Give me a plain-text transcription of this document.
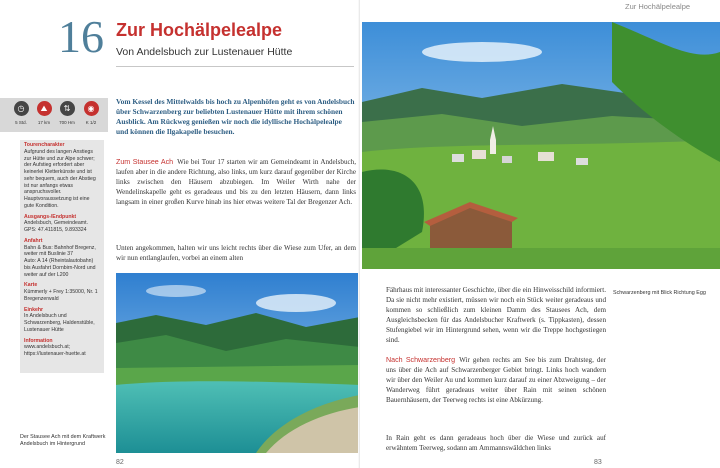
16 Zur Hochälpelealpe
Von Andelsbuch zur Lustenauer Hütte
◷
5 Std.
⛰
17 km
⇅
700 Hm
◉
K 1/2
Tourencharakter
Aufgrund des langen Anstiegs zur Hütte und zur Alpe schwer; der Aufstieg erfordert aber keinerlei Kletterkünste und ist sehr bequem, auch der Abstieg ist nur anfangs etwas anspruchsvoller. Hauptvoraussetzung ist eine gute Kondition.
Ausgangs-/Endpunkt
Andelsbuch, Gemeindeamt.
GPS: 47.411815, 9.893324
Anfahrt
Bahn & Bus: Bahnhof Bregenz, weiter mit Buslinie 37
Auto: A 14 (Rheintalautobahn) bis Ausfahrt Dornbirn-Nord und weiter auf der L200
Karte
Kümmerly + Frey 1:35000, Nr. 1 Bregenzerwald
Einkehr
In Andelsbuch und Schwarzenberg, Haldenstüble, Lustenauer Hütte
Information
www.andelsbuch.at;
https://lustenauer-huette.at
Vom Kessel des Mittelwalds bis hoch zu Alpenhöfen geht es von Andelsbuch über Schwarzenberg zur beliebten Lustenauer Hütte mit ihrem schönen Ausblick. Am Rückweg genießen wir noch die idyllische Hochälpelealpe und können die Ilgakapelle besuchen.
Zum Stausee Ach Wie bei Tour 17 starten wir am Gemeindeamt in Andelsbuch, laufen aber in die andere Richtung, also links, um kurz darauf gegenüber der Kirche links zwischen den Häusern abzubiegen. Im Weiler Wirth nahe der Wendelinskapelle geht es geradeaus und bis zu den letzten Häusern, dann links langsam in einer großen Kurve hinab ins hier etwas weitere Tal der Bregenzer Ach.
Unten angekommen, halten wir uns leicht rechts über die Wiese zum Ufer, an dem wir nun entlanglaufen, vorbei an einem alten
Der Stausee Ach mit dem Kraftwerk Andelsbuch im Hintergrund
82
Zur Hochälpelealpe
Schwarzenberg mit Blick Richtung Egg
Fährhaus mit interessanter Geschichte, über die ein Hinweisschild informiert. Da sie nicht mehr existiert, müssen wir noch ein Stück weiter geradeaus und kommen so schließlich zum kleinen Damm des Stausees Ach, dem Ausgleichsbecken für das Andelsbucher Kraftwerk (s. Tippkasten), dessen Stufengiebel wir im Hintergrund sehen, wenn wir die Treppe hochgestiegen sind.
Nach Schwarzenberg Wir gehen rechts am See bis zum Drahtsteg, der uns über die Ach auf Schwarzenberger Gebiet bringt. Links hoch wandern wir über den Weiler Au und kommen kurz darauf zu einer Abzweigung – der Wanderweg führt geradeaus weiter über Rain mit seinen schönen Bauernhäusern, der Teerweg rechts ist eine Abkürzung.
In Rain geht es dann geradeaus hoch über die Wiese und zurück auf erwähntem Teerweg, sodann am Ammannswäldchen links
83
